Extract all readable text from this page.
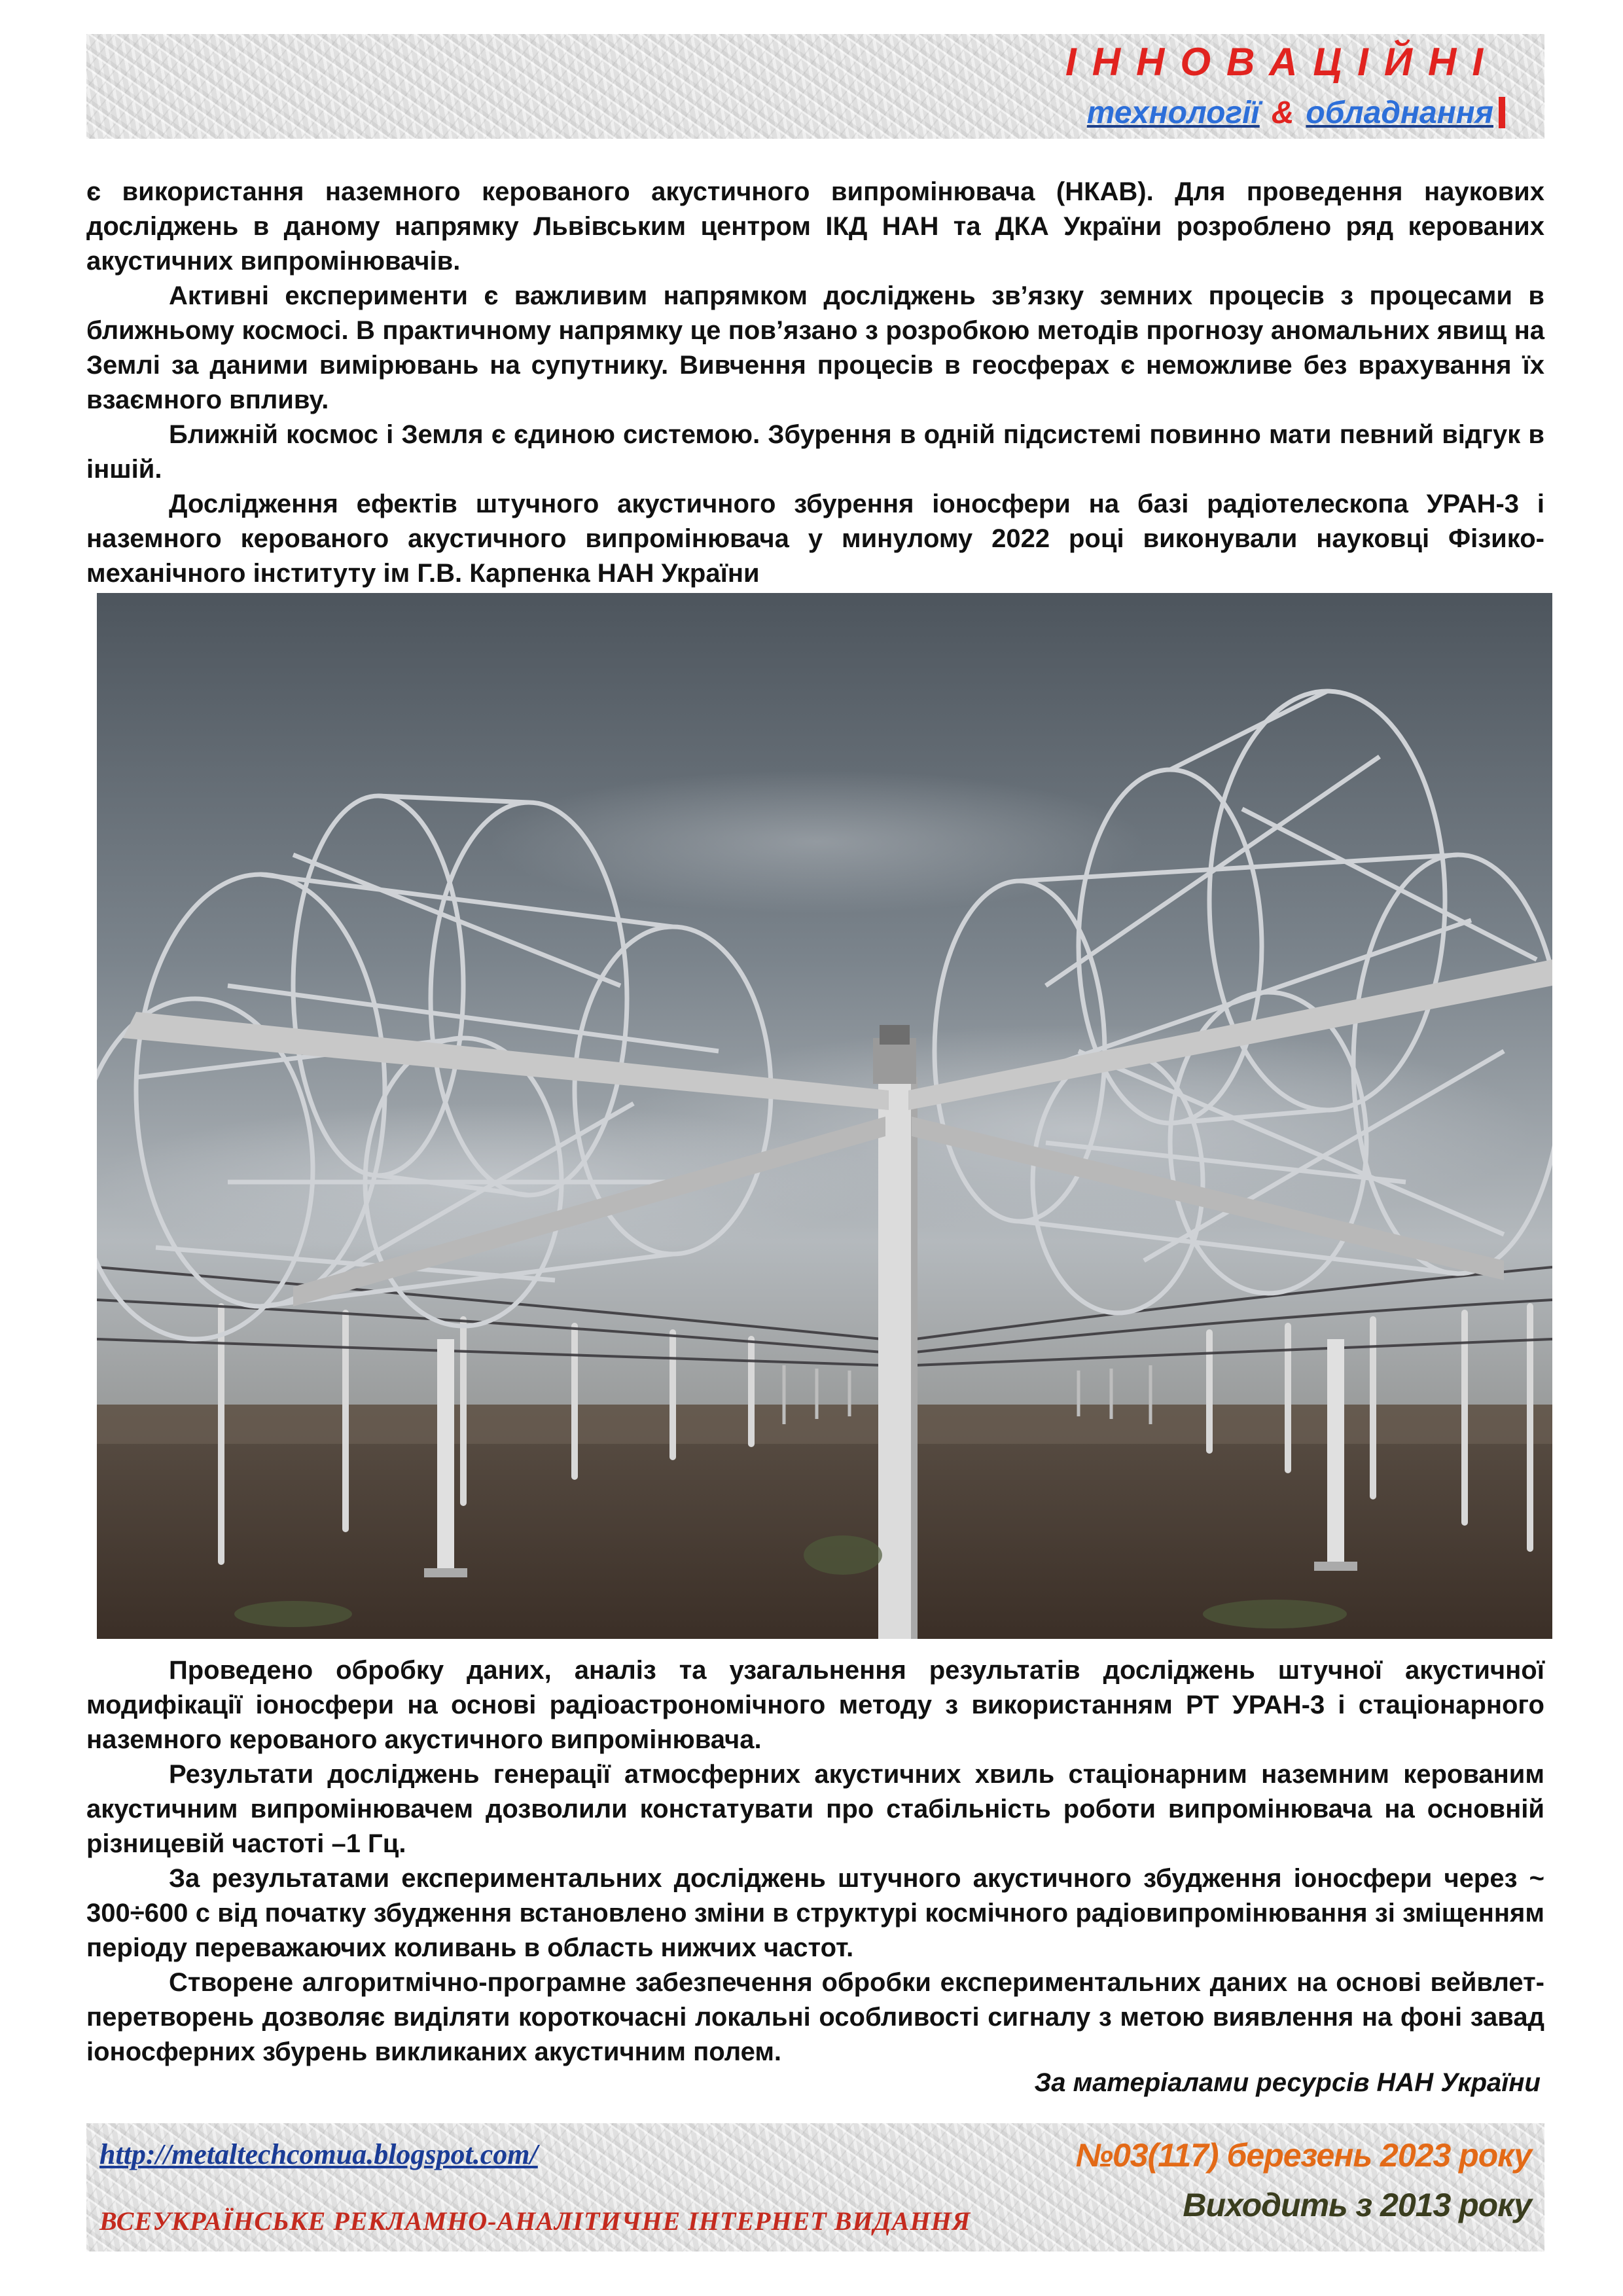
ІННОВАЦІЙНІ
технології & обладнання

є використання наземного керованого акустичного випромінювача (НКАВ). Для проведення наукових досліджень в даному напрямку Львівським центром ІКД НАН та ДКА України розроблено ряд керованих акустичних випромінювачів.

Активні експерименти є важливим напрямком досліджень зв’язку земних процесів з процесами в ближньому космосі. В практичному напрямку це пов’язано з розробкою методів прогнозу аномальних явищ на Землі за даними вимірювань на супутнику. Вивчення процесів в геосферах є неможливе без врахування їх взаємного впливу.

Ближній космос і Земля є єдиною системою. Збурення в одній підсистемі повинно мати певний відгук в іншій.

Дослідження ефектів штучного акустичного збурення іоносфери на базі радіотелескопа УРАН-3 і наземного керованого акустичного випромінювача у минулому 2022 році виконували науковці Фізико-механічного інституту ім Г.В. Карпенка НАН України

Проведено обробку даних, аналіз та узагальнення результатів досліджень штучної акустичної модифікації іоносфери на основі радіоастрономічного методу з використанням РТ УРАН-3 і стаціонарного наземного керованого акустичного випромінювача.

Результати досліджень генерації атмосферних акустичних хвиль стаціонарним наземним керованим акустичним випромінювачем дозволили констатувати про стабільність роботи випромінювача на основній різницевій частоті –1 Гц.

За результатами експериментальних досліджень штучного акустичного збудження іоносфери через ~ 300÷600 с від початку збудження встановлено зміни в структурі космічного радіовипромінювання зі зміщенням періоду переважаючих коливань в область нижчих частот.

Створене алгоритмічно-програмне забезпечення обробки експериментальних даних на основі вейвлет-перетворень дозволяє виділяти короткочасні локальні особливості сигналу з метою виявлення на фоні завад іоносферних збурень викликаних акустичним полем.

За матеріалами ресурсів НАН України

http://metaltechcomua.blogspot.com/

ВСЕУКРАЇНСЬКЕ РЕКЛАМНО-АНАЛІТИЧНЕ ІНТЕРНЕТ ВИДАННЯ

№03(117) березень 2023 року

Виходить з 2013 року
